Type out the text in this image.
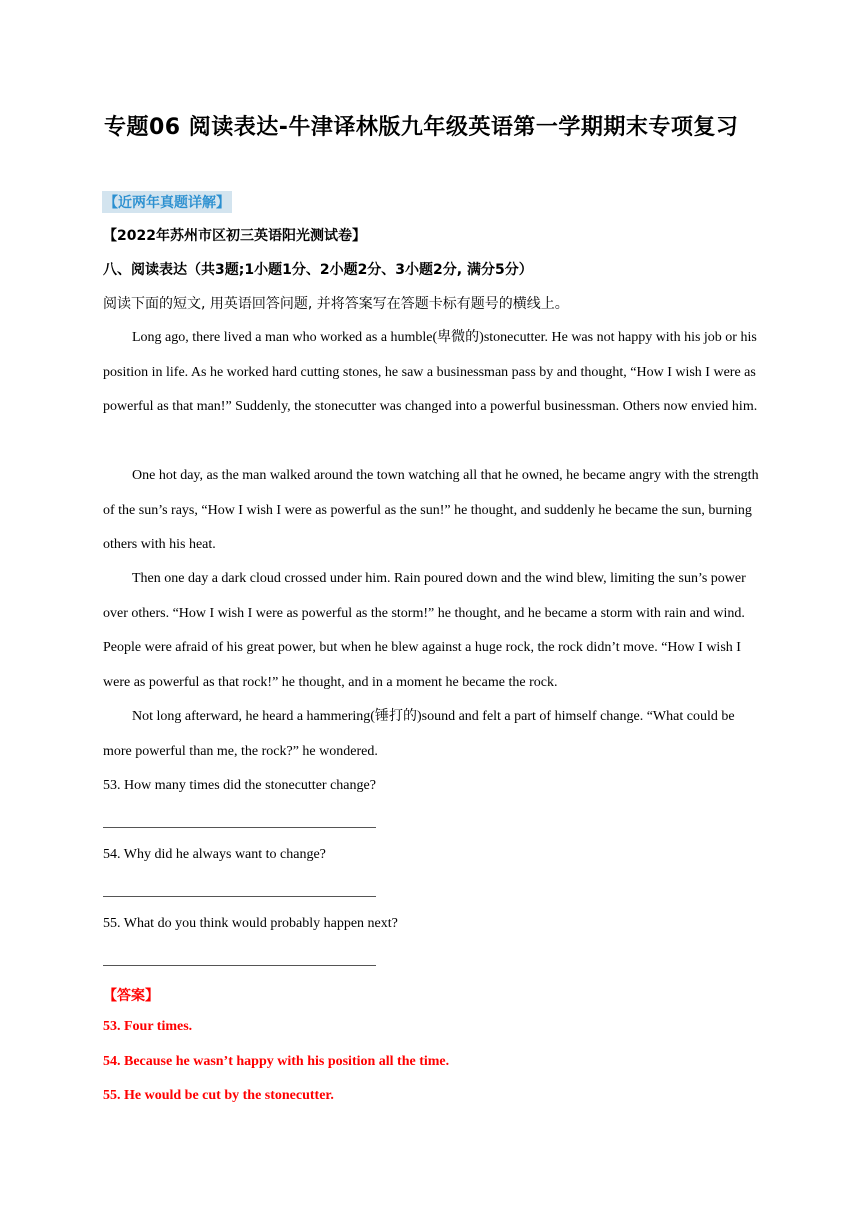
专题06 阅读表达-牛津译林版九年级英语第一学期期末专项复习
【近两年真题详解】
【2022年苏州市区初三英语阳光测试卷】
八、阅读表达（共3题;1小题1分、2小题2分、3小题2分, 满分5分）
阅读下面的短文, 用英语回答问题, 并将答案写在答题卡标有题号的横线上。
Long ago, there lived a man who worked as a humble(卑微的)stonecutter. He was not happy with his job or his position in life. As he worked hard cutting stones, he saw a businessman pass by and thought, “How I wish I were as powerful as that man!” Suddenly, the stonecutter was changed into a powerful businessman. Others now envied him.
One hot day, as the man walked around the town watching all that he owned, he became angry with the strength of the sun’s rays, “How I wish I were as powerful as the sun!” he thought, and suddenly he became the sun, burning others with his heat.
Then one day a dark cloud crossed under him. Rain poured down and the wind blew, limiting the sun’s power over others. “How I wish I were as powerful as the storm!” he thought, and he became a storm with rain and wind. People were afraid of his great power, but when he blew against a huge rock, the rock didn’t move. “How I wish I were as powerful as that rock!” he thought, and in a moment he became the rock.
Not long afterward, he heard a hammering(锤打的)sound and felt a part of himself change. “What could be more powerful than me, the rock?” he wondered.
53. How many times did the stonecutter change?
54. Why did he always want to change?
55. What do you think would probably happen next?
【答案】
53. Four times.
54. Because he wasn’t happy with his position all the time.
55. He would be cut by the stonecutter.
